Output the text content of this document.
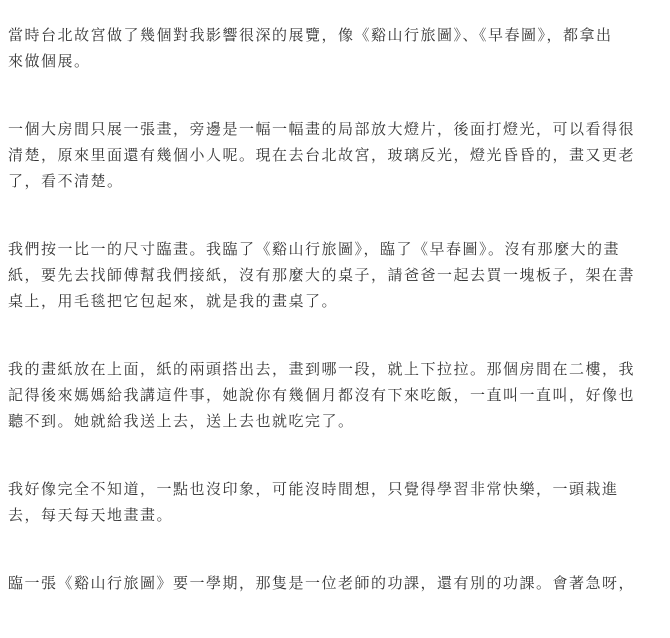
當時台北故宮做了幾個對我影響很深的展覽，像《谿山行旅圖》、《早春圖》，都拿出
來做個展。

一個大房間只展一張畫，旁邊是一幅一幅畫的局部放大燈片，後面打燈光，可以看得很
清楚，原來里面還有幾個小人呢。現在去台北故宮，玻璃反光，燈光昏昏的，畫又更老
了，看不清楚。

我們按一比一的尺寸臨畫。我臨了《谿山行旅圖》，臨了《早春圖》。沒有那麼大的畫
紙，要先去找師傅幫我們接紙，沒有那麼大的桌子，請爸爸一起去買一塊板子，架在書
桌上，用毛毯把它包起來，就是我的畫桌了。

我的畫紙放在上面，紙的兩頭搭出去，畫到哪一段，就上下拉拉。那個房間在二樓，我
記得後來媽媽給我講這件事，她說你有幾個月都沒有下來吃飯，一直叫一直叫，好像也
聽不到。她就給我送上去，送上去也就吃完了。

我好像完全不知道，一點也沒印象，可能沒時間想，只覺得學習非常快樂，一頭栽進
去，每天每天地畫畫。

臨一張《谿山行旅圖》要一學期，那隻是一位老師的功課，還有別的功課。會著急呀，
